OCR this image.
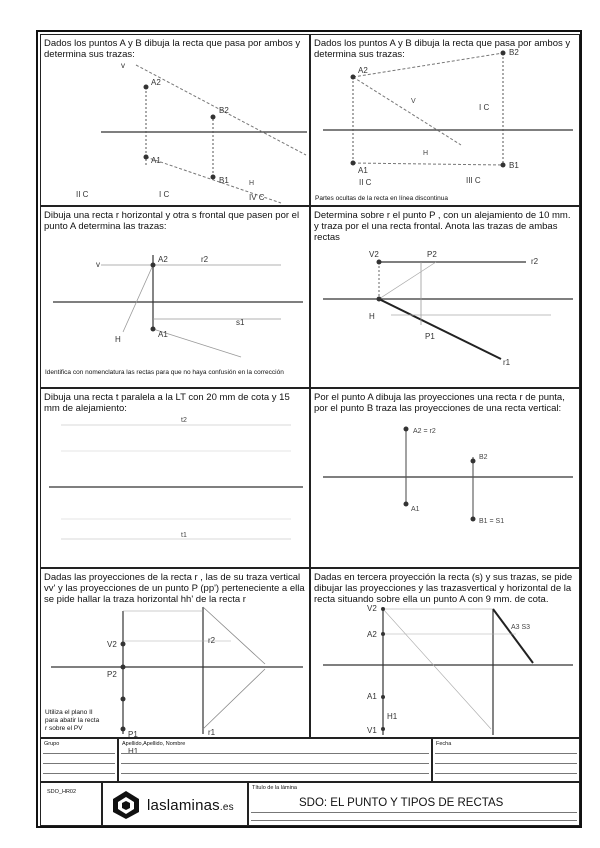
Dados los puntos A y B dibuja la recta que pasa por ambos y determina sus trazas:
v
A2
B2
A1
B1	H
II C	I C	IV C
Dados los puntos A y B dibuja la recta que pasa por ambos y determina sus trazas:
A2
B2
A1
B1
V
H
II C	III C
I C
Partes ocultas de la recta en línea discontinua
Dibuja una recta r horizontal y otra s frontal que pasen por el punto A determina las trazas:
v
A2	r2
A1
H
s1
Identifica con nomenclatura las rectas para que no haya confusión en la corrección
Determina sobre r el punto P , con un alejamiento de 10 mm. y traza por el una recta frontal. Anota las trazas de ambas rectas
V2	P2
r2
P1
H
r1
Dibuja una recta t paralela a la LT con 20 mm de cota y 15 mm de alejamiento:
t2
t1
Por el punto A dibuja las proyecciones una recta r de punta, por el punto B traza las proyecciones de una recta vertical:
A2 = r2
B2
A1
B1 = S1
Dadas las proyecciones de la recta r , las de su traza vertical vv' y las proyecciones de un punto P (pp') perteneciente a ella se pide hallar la traza horizontal hh' de la recta r
V2
P2
r2
H1
P1	r1
Utiliza el plano II para abatir la recta r sobre el PV
Dadas en tercera proyección la recta (s) y sus trazas, se pide dibujar las proyecciones y las trazasvertical y horizontal de la recta situando sobre ella un punto A con 9 mm. de cota.
V2
A2
A3 S3
A1
H1
V1
Grupo	Apellido,Apellido, Nombre	Fecha
SDO_HR02
laslaminas.es
Título de la lámina
SDO: EL PUNTO Y TIPOS DE RECTAS
